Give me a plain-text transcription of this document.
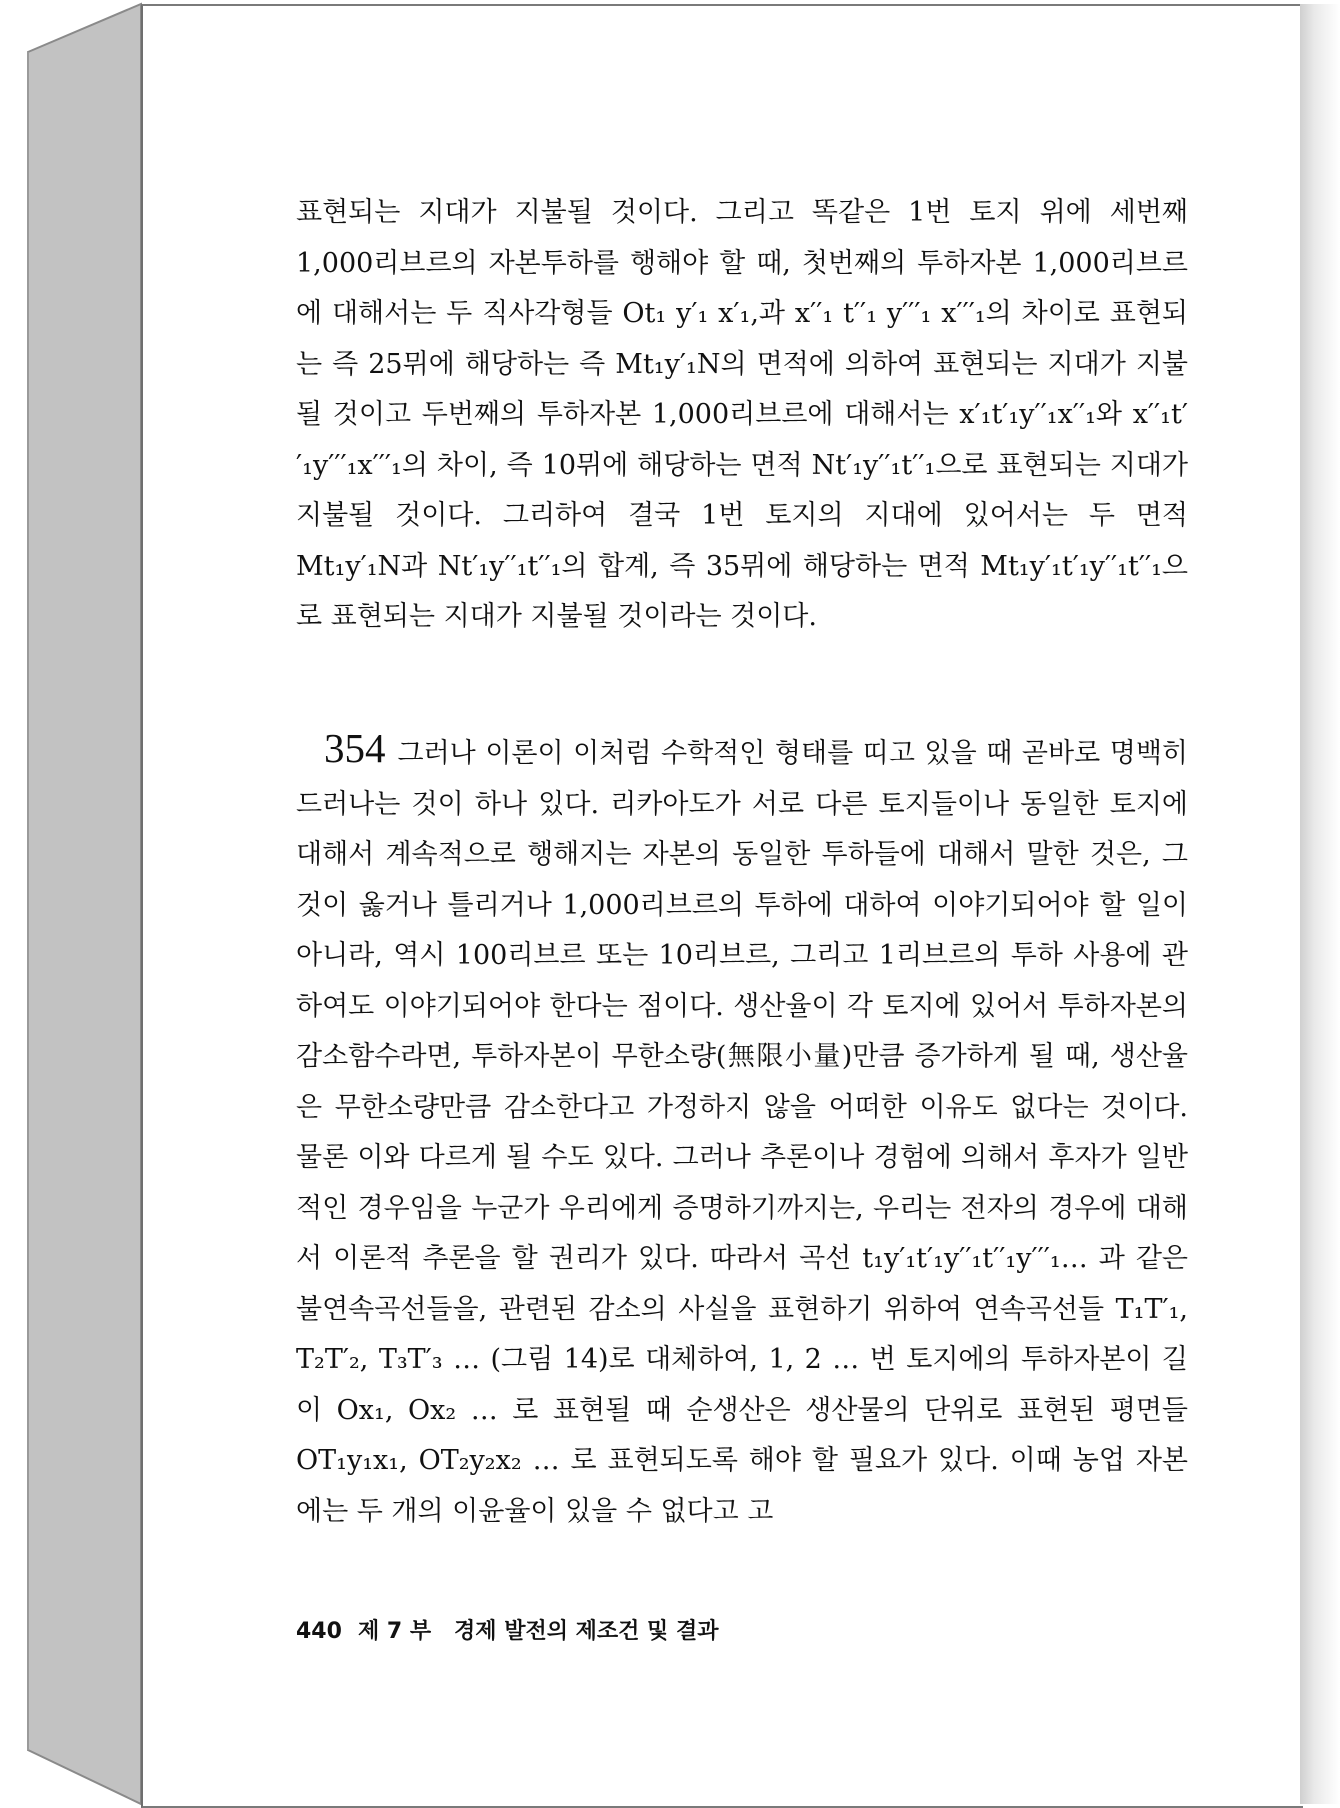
표현되는 지대가 지불될 것이다. 그리고 똑같은 1번 토지 위에 세번째 1,000리브르의 자본투하를 행해야 할 때, 첫번째의 투하자본 1,000리브르에 대해서는 두 직사각형들 Ot₁ y′₁ x′₁,과 x′′₁ t′′₁ y′′′₁ x′′′₁의 차이로 표현되는 즉 25뮈에 해당하는 즉 Mt₁y′₁N의 면적에 의하여 표현되는 지대가 지불될 것이고 두번째의 투하자본 1,000리브르에 대해서는 x′₁t′₁y′′₁x′′₁와 x′′₁t′′₁y′′′₁x′′′₁의 차이, 즉 10뮈에 해당하는 면적 Nt′₁y′′₁t′′₁으로 표현되는 지대가 지불될 것이다. 그리하여 결국 1번 토지의 지대에 있어서는 두 면적 Mt₁y′₁N과 Nt′₁y′′₁t′′₁의 합계, 즉 35뮈에 해당하는 면적 Mt₁y′₁t′₁y′′₁t′′₁으로 표현되는 지대가 지불될 것이라는 것이다.
354 그러나 이론이 이처럼 수학적인 형태를 띠고 있을 때 곧바로 명백히 드러나는 것이 하나 있다. 리카아도가 서로 다른 토지들이나 동일한 토지에 대해서 계속적으로 행해지는 자본의 동일한 투하들에 대해서 말한 것은, 그것이 옳거나 틀리거나 1,000리브르의 투하에 대하여 이야기되어야 할 일이 아니라, 역시 100리브르 또는 10리브르, 그리고 1리브르의 투하 사용에 관하여도 이야기되어야 한다는 점이다. 생산율이 각 토지에 있어서 투하자본의 감소함수라면, 투하자본이 무한소량(無限小量)만큼 증가하게 될 때, 생산율은 무한소량만큼 감소한다고 가정하지 않을 어떠한 이유도 없다는 것이다. 물론 이와 다르게 될 수도 있다. 그러나 추론이나 경험에 의해서 후자가 일반적인 경우임을 누군가 우리에게 증명하기까지는, 우리는 전자의 경우에 대해서 이론적 추론을 할 권리가 있다. 따라서 곡선 t₁y′₁t′₁y′′₁t′′₁y′′′₁… 과 같은 불연속곡선들을, 관련된 감소의 사실을 표현하기 위하여 연속곡선들 T₁T′₁, T₂T′₂, T₃T′₃ … (그림 14)로 대체하여, 1, 2 … 번 토지에의 투하자본이 길이 Ox₁, Ox₂ … 로 표현될 때 순생산은 생산물의 단위로 표현된 평면들 OT₁y₁x₁, OT₂y₂x₂ … 로 표현되도록 해야 할 필요가 있다. 이때 농업 자본에는 두 개의 이윤율이 있을 수 없다고 고
440 제 7 부   경제 발전의 제조건 및 결과
